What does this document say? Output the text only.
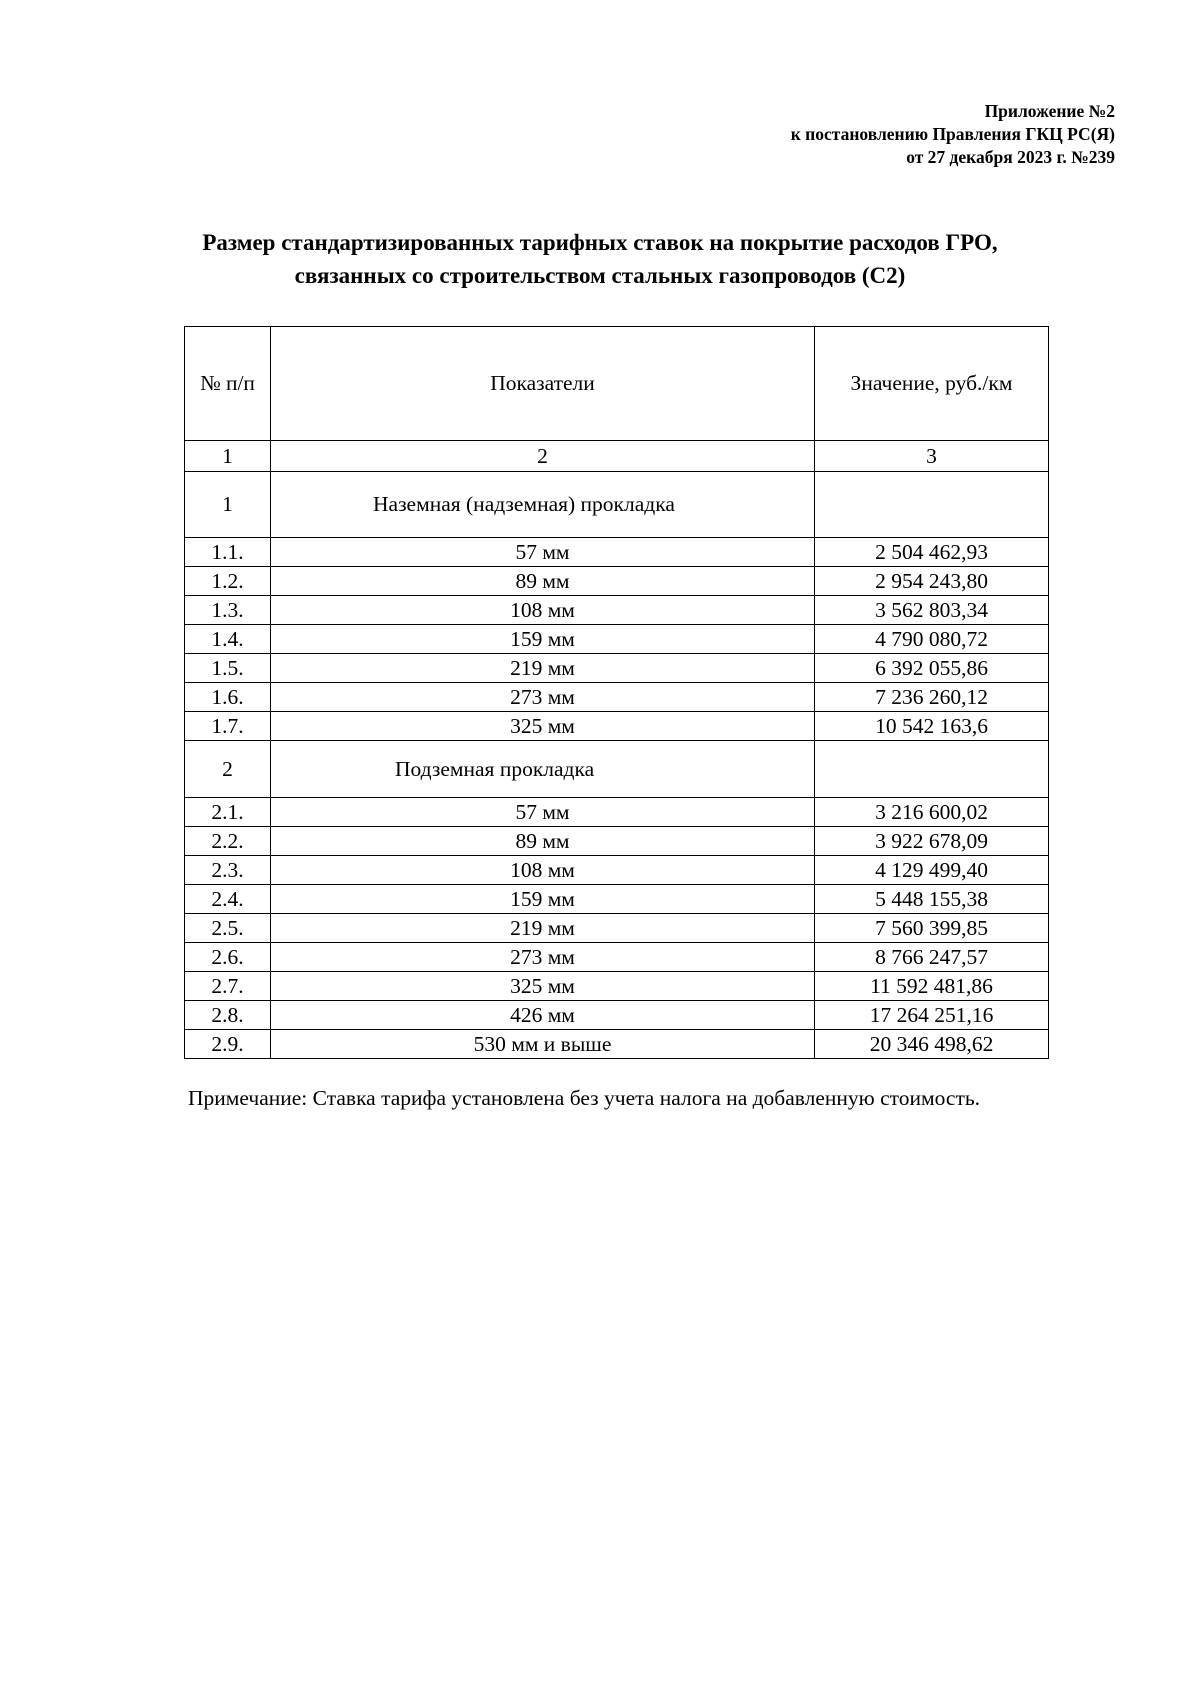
Приложение №2
к постановлению Правления ГКЦ РС(Я)
от 27 декабря 2023 г. №239
Размер стандартизированных тарифных ставок на покрытие расходов ГРО,
связанных со строительством стальных газопроводов (С2)
№ п/п	Показатели	Значение, руб./км
1	2	3
1	Наземная (надземная) прокладка	
1.1.	57 мм	2 504 462,93
1.2.	89 мм	2 954 243,80
1.3.	108 мм	3 562 803,34
1.4.	159 мм	4 790 080,72
1.5.	219 мм	6 392 055,86
1.6.	273 мм	7 236 260,12
1.7.	325 мм	10 542 163,6
2	Подземная прокладка	
2.1.	57 мм	3 216 600,02
2.2.	89 мм	3 922 678,09
2.3.	108 мм	4 129 499,40
2.4.	159 мм	5 448 155,38
2.5.	219 мм	7 560 399,85
2.6.	273 мм	8 766 247,57
2.7.	325 мм	11 592 481,86
2.8.	426 мм	17 264 251,16
2.9.	530 мм и выше	20 346 498,62
Примечание: Ставка тарифа установлена без учета налога на добавленную стоимость.
